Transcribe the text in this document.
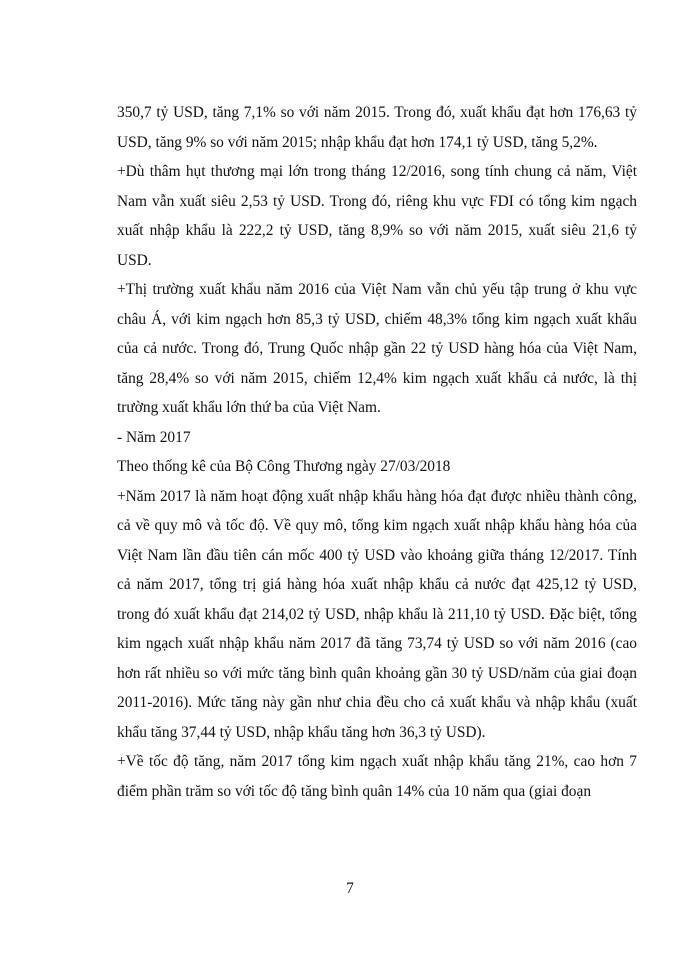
350,7 tỷ USD, tăng 7,1% so với năm 2015. Trong đó, xuất khẩu đạt hơn 176,63 tỷ USD, tăng 9% so với năm 2015; nhập khẩu đạt hơn 174,1 tỷ USD, tăng 5,2%.

+Dù thâm hụt thương mại lớn trong tháng 12/2016, song tính chung cả năm, Việt Nam vẫn xuất siêu 2,53 tỷ USD. Trong đó, riêng khu vực FDI có tổng kim ngạch xuất nhập khẩu là 222,2 tỷ USD, tăng 8,9% so với năm 2015, xuất siêu 21,6 tỷ USD.

+Thị trường xuất khẩu năm 2016 của Việt Nam vẫn chủ yếu tập trung ở khu vực châu Á, với kim ngạch hơn 85,3 tỷ USD, chiếm 48,3% tổng kim ngạch xuất khẩu của cả nước. Trong đó, Trung Quốc nhập gần 22 tỷ USD hàng hóa của Việt Nam, tăng 28,4% so với năm 2015, chiếm 12,4% kim ngạch xuất khẩu cả nước, là thị trường xuất khẩu lớn thứ ba của Việt Nam.

- Năm 2017

Theo thống kê của Bộ Công Thương ngày 27/03/2018

+Năm 2017 là năm hoạt động xuất nhập khẩu hàng hóa đạt được nhiều thành công, cả về quy mô và tốc độ. Về quy mô, tổng kim ngạch xuất nhập khẩu hàng hóa của Việt Nam lần đầu tiên cán mốc 400 tỷ USD vào khoảng giữa tháng 12/2017. Tính cả năm 2017, tổng trị giá hàng hóa xuất nhập khẩu cả nước đạt 425,12 tỷ USD, trong đó xuất khẩu đạt 214,02 tỷ USD, nhập khẩu là 211,10 tỷ USD. Đặc biệt, tổng kim ngạch xuất nhập khẩu năm 2017 đã tăng 73,74 tỷ USD so với năm 2016 (cao hơn rất nhiều so với mức tăng bình quân khoảng gần 30 tỷ USD/năm của giai đoạn 2011-2016). Mức tăng này gần như chia đều cho cả xuất khẩu và nhập khẩu (xuất khẩu tăng 37,44 tỷ USD, nhập khẩu tăng hơn 36,3 tỷ USD).

+Về tốc độ tăng, năm 2017 tổng kim ngạch xuất nhập khẩu tăng 21%, cao hơn 7 điểm phần trăm so với tốc độ tăng bình quân 14% của 10 năm qua (giai đoạn

7
